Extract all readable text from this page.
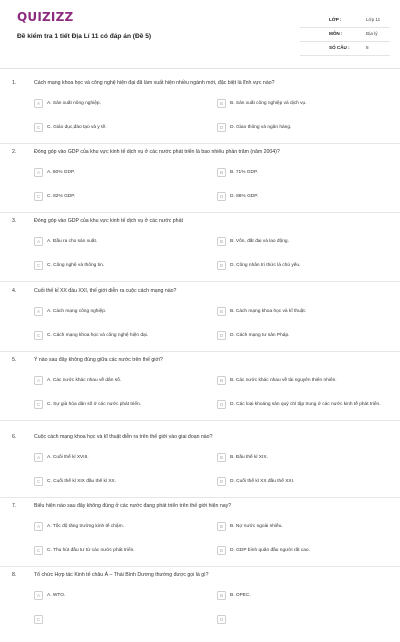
QUIZIZZ
Đề kiểm tra 1 tiết Địa Lí 11 có đáp án (Đề 5)
LỚP :	Lớp 11
MÔN :	Địa lý
SỐ CÂU :	8
1.	Cách mạng khoa học và công nghệ hiện đại đã làm xuất hiện nhiều ngành mới, đặc biệt là lĩnh vực nào?
A	A. Sản xuất nông nghiệp.	B	B. Sản xuất công nghiệp và dịch vụ.
C	C. Giáo dục,đào tạo và y tế.	D	D. Giao thông và ngân hàng.
2.	Đóng góp vào GDP của khu vực kinh tế dịch vụ ở các nước phát triển là bao nhiêu phần trăm (năm 2004)?
A	A. 60% GDP.	B	B. 71% GDP.
C	C. 82% GDP.	D	D. 86% GDP.
3.	Đóng góp vào GDP của khu vực kinh tế dịch vụ ở các nước phát
A	A. Đầu ra cho sản xuất.	B	B. Vốn, đất đai và lao động.
C	C. Công nghệ và thông tin.	D	D. Công nhân tri thức là chủ yếu.
4.	Cuối thế kỉ XX đầu XXI, thế giới diễn ra cuộc cách mạng nào?
A	A. Cách mạng công nghiệp.	B	B. Cách mạng khoa học và kĩ thuật.
C	C. Cách mạng khoa học và công nghệ hiện đại.	D	D. Cách mạng tư sản Pháp.
5.	Ý nào sau đây không đúng giữa các nước trên thế giới?
A	A. Các nước khác nhau về dân số.	B	B. Các nước khác nhau về tài nguyên thiên nhiên.
C	C. Sự già hóa dân số ở các nước phát triển.	D	D. Các loại khoáng sản quý chỉ tập trung ở các nước kinh tế phát triển.
6.	Cuộc cách mạng khoa học và kĩ thuật diễn ra trên thế giới vào giai đoạn nào?
A	A. Cuối thế kỉ XVIII.	B	B. Đầu thế kỉ XIX.
C	C. Cuối thế kỉ XIX đầu thế kỉ XX.	D	D. Cuối thế kỉ XX đầu thế XXI.
7.	Biểu hiện nào sau đây không đúng ở các nước đang phát triển trên thế giới hiện nay?
A	A. Tốc độ tăng trưởng kinh tế chậm.	B	B. Nợ nước ngoài nhiều.
C	C. Thu hút đầu tư từ các nước phát triển.	D	D. GDP bình quân đầu người rất cao.
8.	Tổ chức Hợp tác Kinh tế châu Á – Thái Bình Dương thường được gọi là gì?
A	A. WTO.	B	B. OPEC.
C	D
